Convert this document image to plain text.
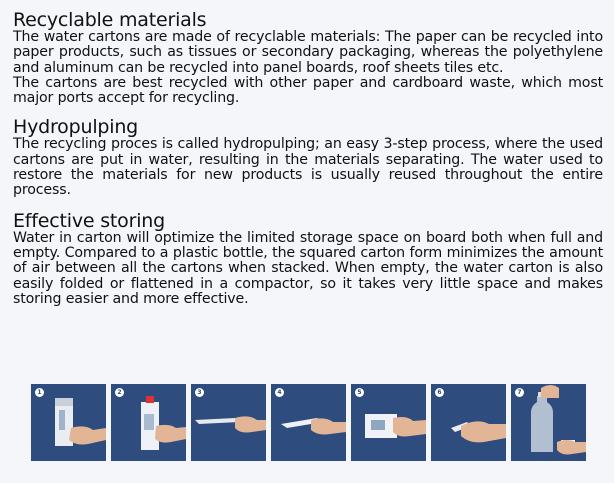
Recyclable materials

The water cartons are made of recyclable materials: The paper can be recycled into paper products, such as tissues or secondary packaging, whereas the polyethylene and aluminum can be recycled into panel boards, roof sheets tiles etc.

The cartons are best recycled with other paper and cardboard waste, which most major ports accept for recycling.

Hydropulping

The recycling proces is called hydropulping; an easy 3-step process, where the used cartons are put in water, resulting in the materials separating. The water used to restore the materials for new products is usually reused throughout the entire process.

Effective storing

Water in carton will optimize the limited storage space on board both when full and empty. Compared to a plastic bottle, the squared carton form minimizes the amount of air between all the cartons when stacked. When empty, the water carton is also easily folded or flattened in a compactor, so it takes very little space and makes storing easier and more effective.

1	2	3	4	5	6	7
